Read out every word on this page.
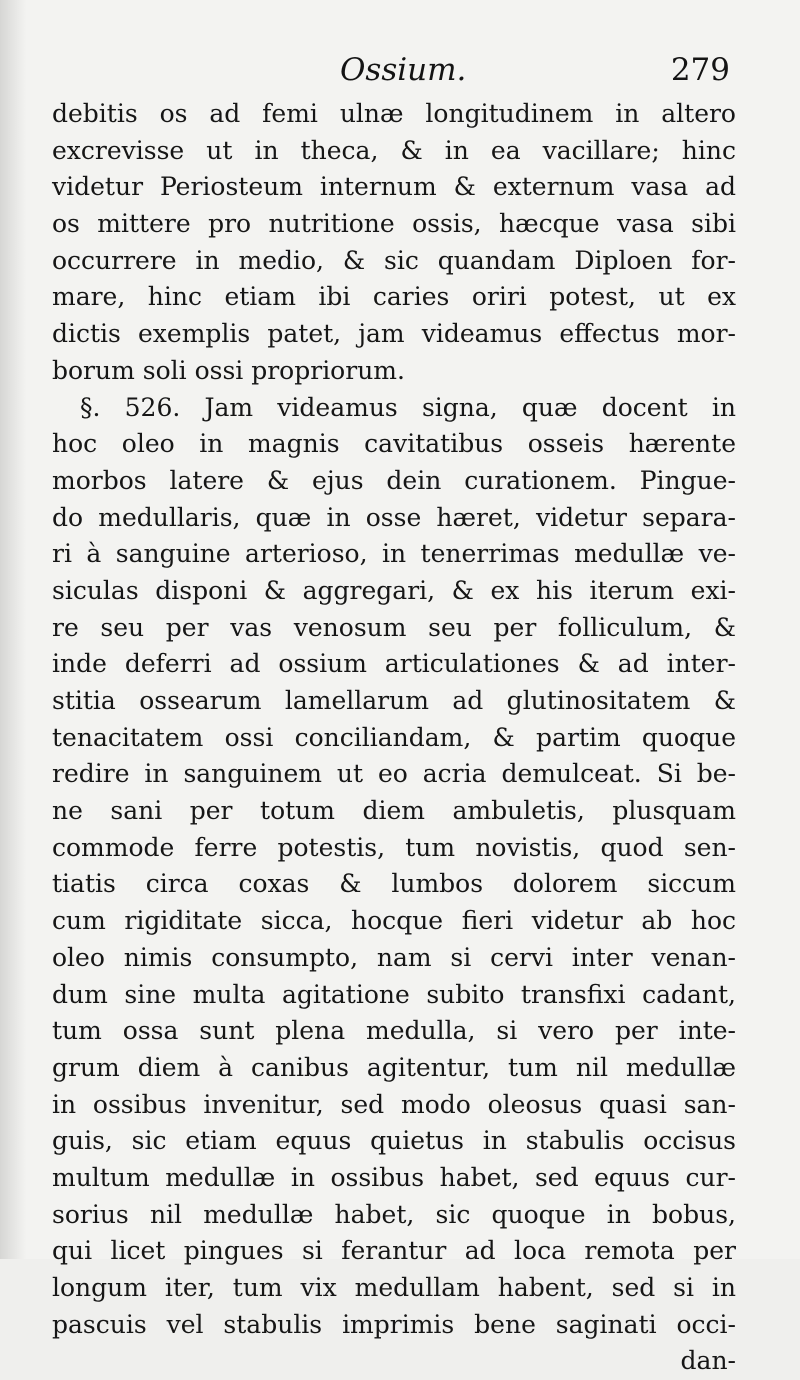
Ossium.	279
debitis os ad femi ulnæ longitudinem in altero
excrevisse ut in theca, & in ea vacillare; hinc
videtur Periosteum internum & externum vasa ad
os mittere pro nutritione ossis, hæcque vasa sibi
occurrere in medio, & sic quandam Diploen for-
mare, hinc etiam ibi caries oriri potest, ut ex
dictis exemplis patet, jam videamus effectus mor-
borum soli ossi propriorum.
§. 526. Jam videamus signa, quæ docent in
hoc oleo in magnis cavitatibus osseis hærente
morbos latere & ejus dein curationem. Pingue-
do medullaris, quæ in osse hæret, videtur separa-
ri à sanguine arterioso, in tenerrimas medullæ ve-
siculas disponi & aggregari, & ex his iterum exi-
re seu per vas venosum seu per folliculum, &
inde deferri ad ossium articulationes & ad inter-
stitia ossearum lamellarum ad glutinositatem &
tenacitatem ossi conciliandam, & partim quoque
redire in sanguinem ut eo acria demulceat. Si be-
ne sani per totum diem ambuletis, plusquam
commode ferre potestis, tum novistis, quod sen-
tiatis circa coxas & lumbos dolorem siccum
cum rigiditate sicca, hocque fieri videtur ab hoc
oleo nimis consumpto, nam si cervi inter venan-
dum sine multa agitatione subito transfixi cadant,
tum ossa sunt plena medulla, si vero per inte-
grum diem à canibus agitentur, tum nil medullæ
in ossibus invenitur, sed modo oleosus quasi san-
guis, sic etiam equus quietus in stabulis occisus
multum medullæ in ossibus habet, sed equus cur-
sorius nil medullæ habet, sic quoque in bobus,
qui licet pingues si ferantur ad loca remota per
longum iter, tum vix medullam habent, sed si in
pascuis vel stabulis imprimis bene saginati occi-
dan-
